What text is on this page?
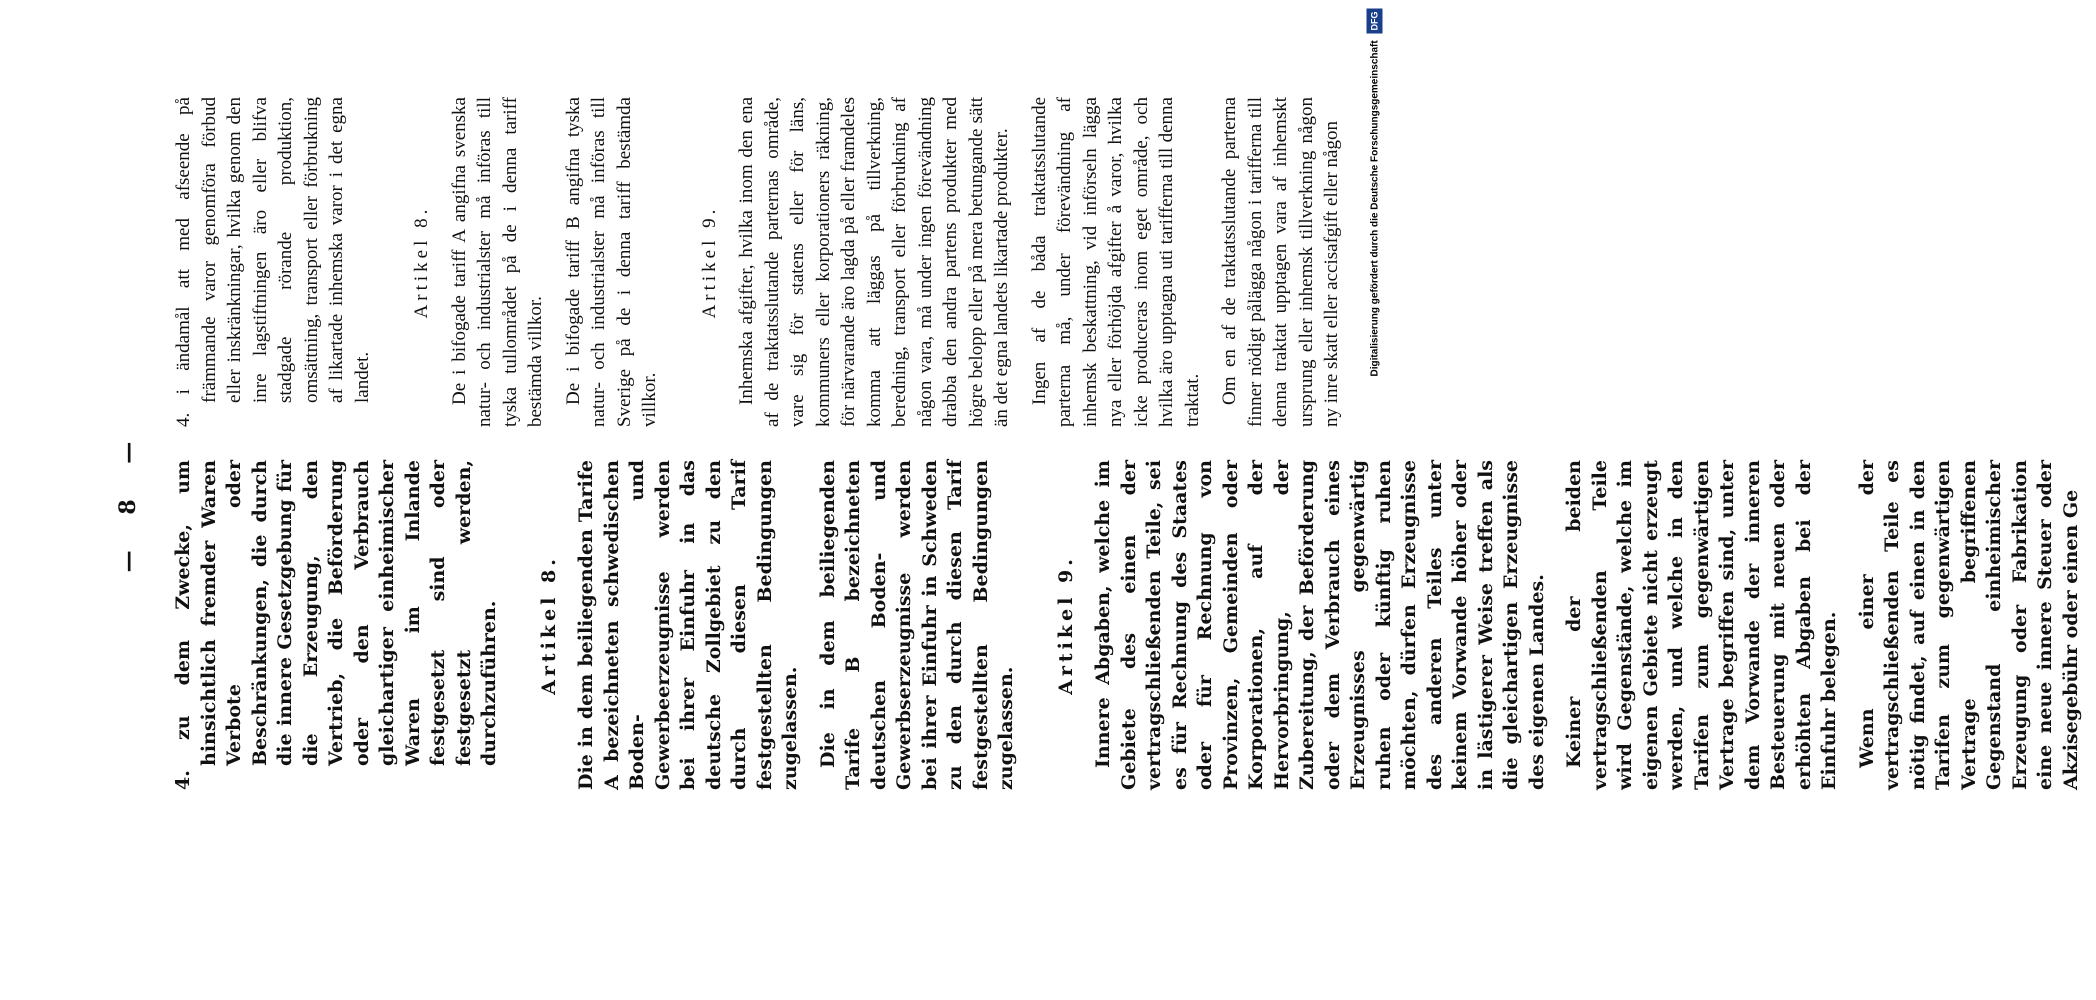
— 8 — 4. zu dem Zwecke, um hinsichtlich fremder Waren Verbote oder Beschränkungen, die durch die innere Gesetzgebung für die Erzeugung, den Vertrieb, die Beförderung oder den Verbrauch gleichartiger einheimischer Waren im Inlande festgesetzt sind oder festgesetzt werden, durchzuführen. Artikel 8. Die in dem beiliegenden Tarife A bezeichneten schwedischen Boden- und Gewerbeerzeugnisse werden bei ihrer Einfuhr in das deutsche Zollgebiet zu den durch diesen Tarif festgestellten Bedingungen zugelassen. Die in dem beiliegenden Tarife B bezeichneten deutschen Boden- und Gewerbserzeugnisse werden bei ihrer Einfuhr in Schweden zu den durch diesen Tarif festgestellten Bedingungen zugelassen.

Artikel 9. Innere Abgaben, welche im Gebiete des einen der vertragschließenden Teile, sei es für Rechnung des Staates oder für Rechnung von Provinzen, Gemeinden oder Korporationen, auf der Hervorbringung, der Zubereitung, der Beförderung oder dem Verbrauch eines Erzeugnisses gegenwärtig ruhen oder künftig ruhen möchten, dürfen Erzeugnisse des anderen Teiles unter keinem Vorwande höher oder in lästigerer Weise treffen als die gleichartigen Erzeugnisse des eigenen Landes. Keiner der beiden vertragschließenden Teile wird Gegenstände, welche im eigenen Gebiete nicht erzeugt werden, und welche in den Tarifen zum gegenwärtigen Vertrage begriffen sind, unter dem Vorwande der inneren Besteuerung mit neuen oder erhöhten Abgaben bei der Einfuhr belegen. Wenn einer der vertragschließenden Teile es nötig findet, auf einen in den Tarifen zum gegenwärtigen Vertrage begriffenen Gegenstand einheimischer Erzeugung oder Fabrikation eine neue innere Steuer oder Akzisegebühr oder einen Ge

4. i ändamål att med afseende på främmande varor genomföra förbud eller inskränkningar, hvilka genom den inre lagstiftningen äro eller blifva stadgade rörande produktion, omsättning, transport eller förbrukning af likartade inhemska varor i det egna landet.

Artikel 8. De i bifogade tariff A angifna svenska natur- och industrialster må införas till tyska tullområdet på de i denna tariff bestämda villkor. De i bifogade tariff B angifna tyska natur- och industrialster må införas till Sverige på de i denna tariff bestämda villkor.

Artikel 9. Inhemska afgifter, hvilka inom den ena af de traktatsslutande parternas område, vare sig för statens eller för läns, kommuners eller korporationers räkning, för närvarande äro lagda på eller framdeles komma att läggas på tillverkning, beredning, transport eller förbrukning af någon vara, må under ingen förevändning drabba den andra partens produkter med högre belopp eller på mera betungande sätt än det egna landets likartade produkter. Ingen af de båda traktatsslutande parterna må, under förevändning af inhemsk beskattning, vid införseln lägga nya eller förhöjda afgifter å varor, hvilka icke produceras inom eget område, och hvilka äro upptagna uti tarifferna till denna traktat. Om en af de traktatsslutande parterna finner nödigt pålägga någon i tarifferna till denna traktat upptagen vara af inhemskt ursprung eller inhemsk tillverkning någon ny inre skatt eller accisafgift eller någon	Digitalisierung gefördert durch die Deutsche Forschungsgemeinschaft DFG
